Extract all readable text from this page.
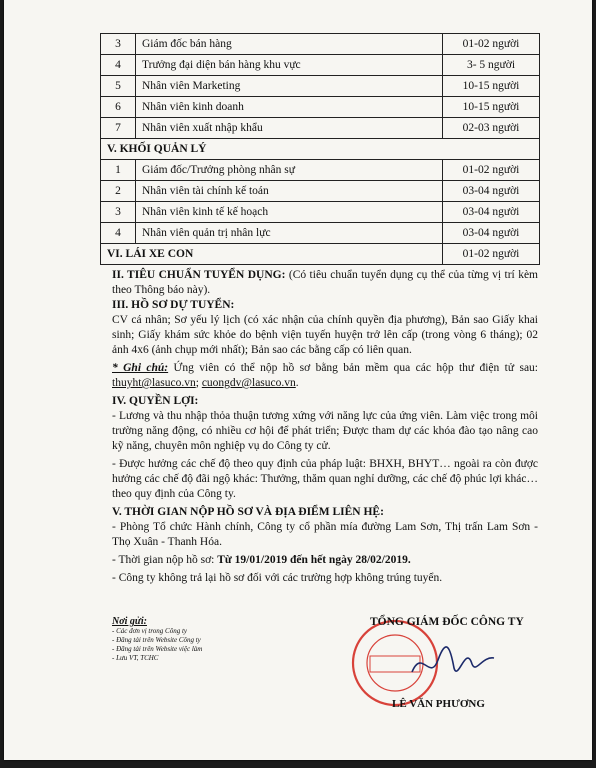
3	Giám đốc bán hàng	01-02 người
4	Trưởng đại diện bán hàng khu vực	3- 5 người
5	Nhân viên Marketing	10-15 người
6	Nhân viên kinh doanh	10-15 người
7	Nhân viên xuất nhập khẩu	02-03 người
V. KHỐI QUẢN LÝ		
1	Giám đốc/Trưởng phòng nhân sự	01-02 người
2	Nhân viên tài chính kế toán	03-04 người
3	Nhân viên kinh tế kế hoạch	03-04 người
4	Nhân viên quản trị nhân lực	03-04 người
VI. LÁI XE CON		01-02 người

II. TIÊU CHUẨN TUYỂN DỤNG: (Có tiêu chuẩn tuyển dụng cụ thể của từng vị trí kèm theo Thông báo này).

III. HỒ SƠ DỰ TUYỂN:

CV cá nhân; Sơ yếu lý lịch (có xác nhận của chính quyền địa phương), Bản sao Giấy khai sinh; Giấy khám sức khỏe do bệnh viện tuyến huyện trở lên cấp (trong vòng 6 tháng); 02 ảnh 4x6 (ảnh chụp mới nhất); Bản sao các bằng cấp có liên quan.

* Ghi chú: Ứng viên có thể nộp hồ sơ bằng bản mềm qua các hộp thư điện tử sau: thuyht@lasuco.vn; cuongdv@lasuco.vn.

IV. QUYỀN LỢI:

- Lương và thu nhập thỏa thuận tương xứng với năng lực của ứng viên. Làm việc trong môi trường năng động, có nhiều cơ hội để phát triển; Được tham dự các khóa đào tạo nâng cao kỹ năng, chuyên môn nghiệp vụ do Công ty cử.

- Được hưởng các chế độ theo quy định của pháp luật: BHXH, BHYT… ngoài ra còn được hưởng các chế độ đãi ngộ khác: Thưởng, thăm quan nghỉ dưỡng, các chế độ phúc lợi khác… theo quy định của Công ty.

V. THỜI GIAN NỘP HỒ SƠ VÀ ĐỊA ĐIỂM LIÊN HỆ:

- Phòng Tổ chức Hành chính, Công ty cổ phần mía đường Lam Sơn, Thị trấn Lam Sơn - Thọ Xuân - Thanh Hóa.

- Thời gian nộp hồ sơ: Từ 19/01/2019 đến hết ngày 28/02/2019.

- Công ty không trả lại hồ sơ đối với các trường hợp không trúng tuyển.

Nơi gửi:
- Các đơn vị trong Công ty
- Đăng tải trên Website Công ty
- Đăng tải trên Website việc làm
- Lưu VT, TCHC
TỔNG GIÁM ĐỐC CÔNG TY
LÊ VĂN PHƯƠNG
